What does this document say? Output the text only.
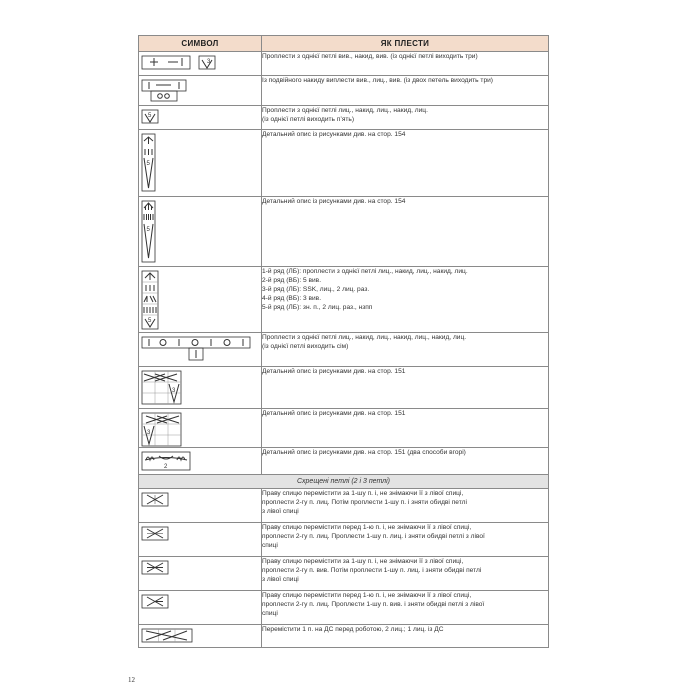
СИМВОЛ	ЯК ПЛЕСТИ

3	Проплести з однієї петлі вив., накид, вив. (із однієї петлі виходить три)

Із подвійного накиду виплести вив., лиц., вив. (із двох петель виходить три)

5	Проплести з однієї петлі лиц., накид, лиц., накид, лиц.
(із однієї петлі виходить п’ять)

5	Детальний опис із рисунками див. на стор. 154

5	Детальний опис із рисунками див. на стор. 154

5	1-й ряд (ЛБ): проплести з однієї петлі лиц., накид, лиц., накид, лиц.
2-й ряд (ВБ): 5 вив.
3-й ряд (ЛБ): SSK, лиц., 2 лиц. раз.
4-й ряд (ВБ): 3 вив.
5-й ряд (ЛБ): зн. п., 2 лиц. раз., нзпп

Проплести з однієї петлі лиц., накид, лиц., накид, лиц., накид, лиц.
(із однієї петлі виходить сім)

3	Детальний опис із рисунками див. на стор. 151

3	Детальний опис із рисунками див. на стор. 151

2	Детальний опис із рисунками див. на стор. 151 (два способи вгорі)

Схрещені петлі (2 і 3 петлі)	

Праву спицю перемістити за 1-шу п. і, не знімаючи її з лівої спиці,
проплести 2-гу п. лиц. Потім проплести 1-шу п. і зняти обидві петлі
з лівої спиці

Праву спицю перемістити перед 1-ю п. і, не знімаючи її з лівої спиці,
проплести 2-гу п. лиц. Проплести 1-шу п. лиц. і зняти обидві петлі з лівої
спиці

Праву спицю перемістити за 1-шу п. і, не знімаючи її з лівої спиці,
проплести 2-гу п. вив. Потім проплести 1-шу п. лиц. і зняти обидві петлі
з лівої спиці

Праву спицю перемістити перед 1-ю п. і, не знімаючи її з лівої спиці,
проплести 2-гу п. лиц. Проплести 1-шу п. вив. і зняти обидві петлі з лівої
спиці

Перемістити 1 п. на ДС перед роботою, 2 лиц.; 1 лиц. із ДС
12
